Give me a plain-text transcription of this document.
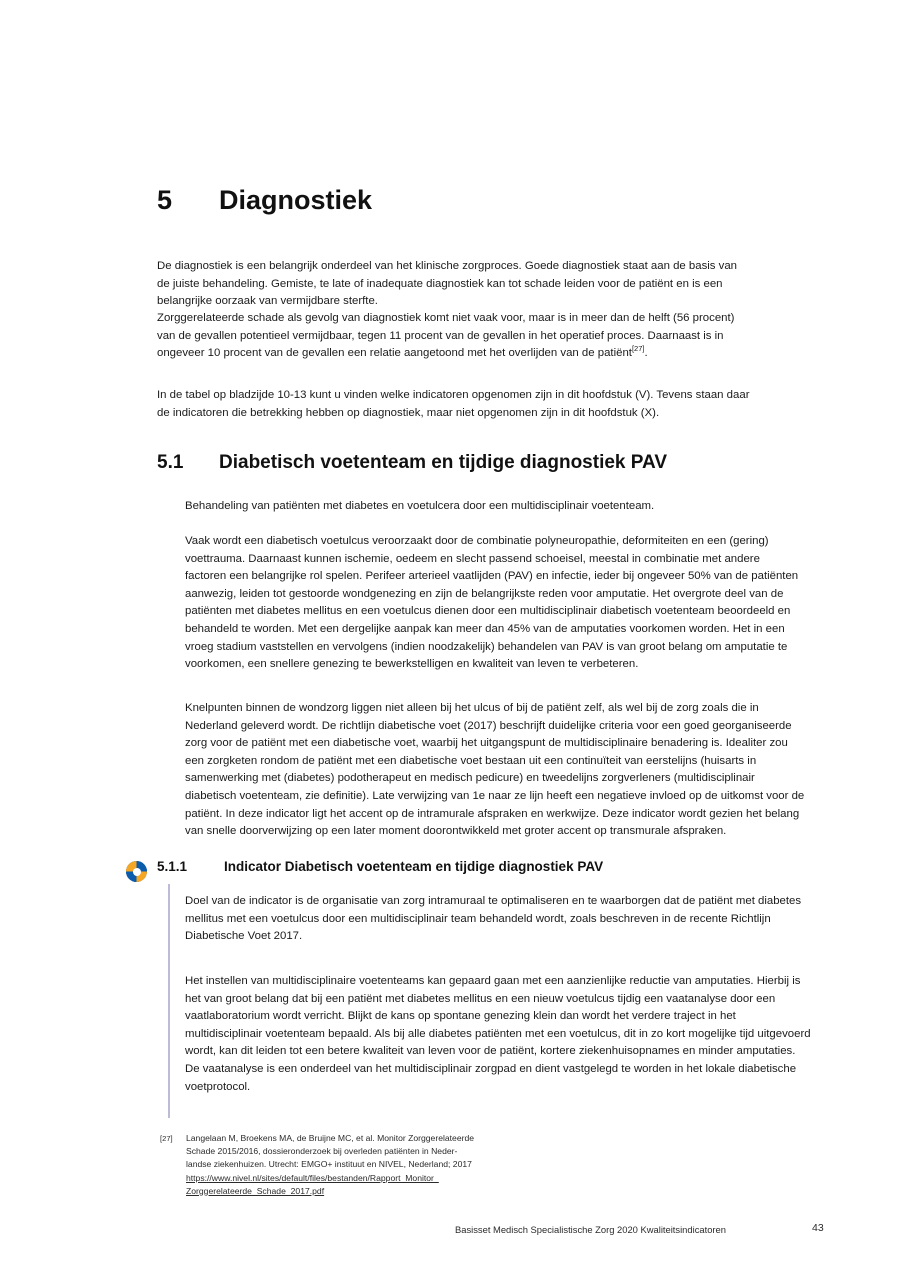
5	Diagnostiek
De diagnostiek is een belangrijk onderdeel van het klinische zorgproces. Goede diagnostiek staat aan de basis van de juiste behandeling. Gemiste, te late of inadequate diagnostiek kan tot schade leiden voor de patiënt en is een belangrijke oorzaak van vermijdbare sterfte.
Zorggerelateerde schade als gevolg van diagnostiek komt niet vaak voor, maar is in meer dan de helft (56 procent) van de gevallen potentieel vermijdbaar, tegen 11 procent van de gevallen in het operatief proces. Daarnaast is in ongeveer 10 procent van de gevallen een relatie aangetoond met het overlijden van de patiënt[27].
In de tabel op bladzijde 10-13 kunt u vinden welke indicatoren opgenomen zijn in dit hoofdstuk (V). Tevens staan daar de indicatoren die betrekking hebben op diagnostiek, maar niet opgenomen zijn in dit hoofdstuk (X).
5.1	Diabetisch voetenteam en tijdige diagnostiek PAV
Behandeling van patiënten met diabetes en voetulcera door een multidisciplinair voetenteam.
Vaak wordt een diabetisch voetulcus veroorzaakt door de combinatie polyneuropathie, deformiteiten en een (gering) voettrauma. Daarnaast kunnen ischemie, oedeem en slecht passend schoeisel, meestal in combinatie met andere factoren een belangrijke rol spelen. Perifeer arterieel vaatlijden (PAV) en infectie, ieder bij ongeveer 50% van de patiënten aanwezig, leiden tot gestoorde wondgenezing en zijn de belangrijkste reden voor amputatie. Het overgrote deel van de patiënten met diabetes mellitus en een voetulcus dienen door een multidisciplinair diabetisch voetenteam beoordeeld en behandeld te worden. Met een dergelijke aanpak kan meer dan 45% van de amputaties voorkomen worden. Het in een vroeg stadium vaststellen en vervolgens (indien noodzakelijk) behandelen van PAV is van groot belang om amputatie te voorkomen, een snellere genezing te bewerkstelligen en kwaliteit van leven te verbeteren.
Knelpunten binnen de wondzorg liggen niet alleen bij het ulcus of bij de patiënt zelf, als wel bij de zorg zoals die in Nederland geleverd wordt. De richtlijn diabetische voet (2017) beschrijft duidelijke criteria voor een goed georganiseerde zorg voor de patiënt met een diabetische voet, waarbij het uitgangspunt de multidisciplinaire benadering is. Idealiter zou een zorgketen rondom de patiënt met een diabetische voet bestaan uit een continuïteit van eerstelijns (huisarts in samenwerking met (diabetes) podotherapeut en medisch pedicure) en tweedelijns zorgverleners (multidisciplinair diabetisch voetenteam, zie definitie). Late verwijzing van 1e naar ze lijn heeft een negatieve invloed op de uitkomst voor de patiënt. In deze indicator ligt het accent op de intramurale afspraken en werkwijze. Deze indicator wordt gezien het belang van snelle doorverwijzing op een later moment doorontwikkeld met groter accent op transmurale afspraken.
5.1.1	Indicator Diabetisch voetenteam en tijdige diagnostiek PAV
Doel van de indicator is de organisatie van zorg intramuraal te optimaliseren en te waarborgen dat de patiënt met diabetes mellitus met een voetulcus door een multidisciplinair team behandeld wordt, zoals beschreven in de recente Richtlijn Diabetische Voet 2017.
Het instellen van multidisciplinaire voetenteams kan gepaard gaan met een aanzienlijke reductie van amputaties. Hierbij is het van groot belang dat bij een patiënt met diabetes mellitus en een nieuw voetulcus tijdig een vaatanalyse door een vaatlaboratorium wordt verricht. Blijkt de kans op spontane genezing klein dan wordt het verdere traject in het multidisciplinair voetenteam bepaald. Als bij alle diabetes patiënten met een voetulcus, dit in zo kort mogelijke tijd uitgevoerd wordt, kan dit leiden tot een betere kwaliteit van leven voor de patiënt, kortere ziekenhuisopnames en minder amputaties. De vaatanalyse is een onderdeel van het multidisciplinair zorgpad en dient vastgelegd te worden in het lokale diabetische voetprotocol.
[27]	Langelaan M, Broekens MA, de Bruijne MC, et al. Monitor Zorggerelateerde
Schade 2015/2016, dossieronderzoek bij overleden patiënten in Neder-
landse ziekenhuizen. Utrecht: EMGO+ instituut en NIVEL, Nederland; 2017
https://www.nivel.nl/sites/default/files/bestanden/Rapport_Monitor_
Zorggerelateerde_Schade_2017.pdf
Basisset Medisch Specialistische Zorg 2020 Kwaliteitsindicatoren	43
